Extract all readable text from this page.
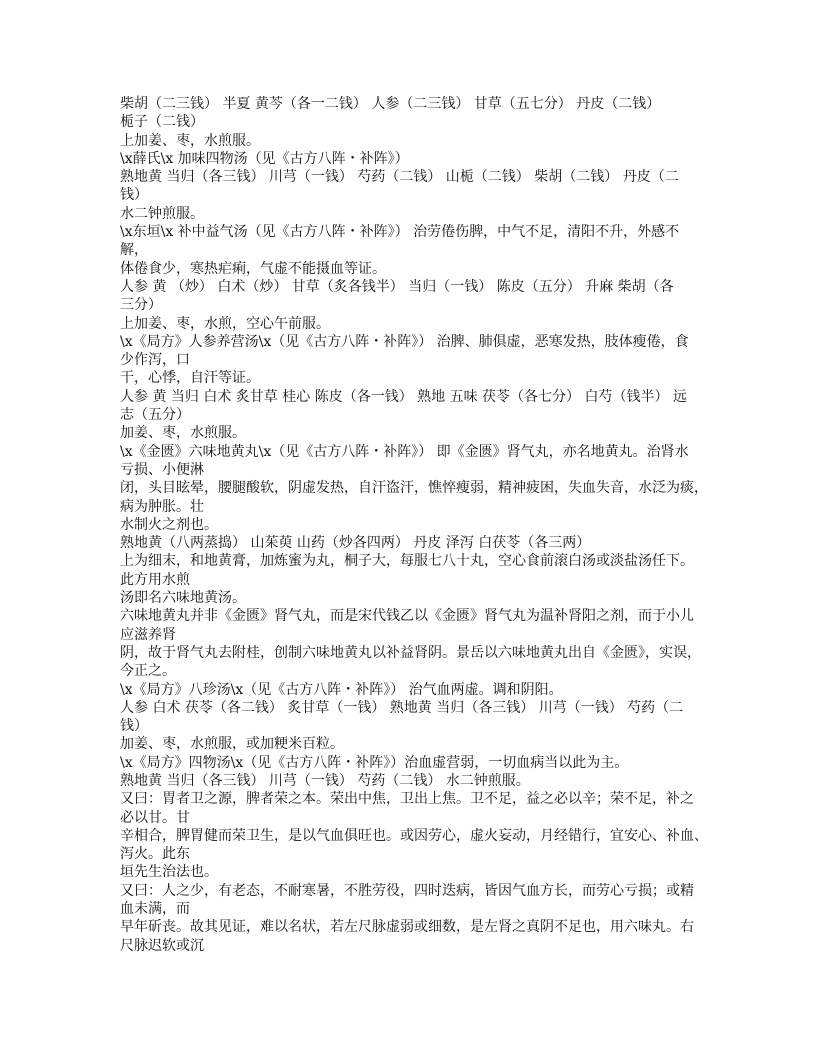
柴胡（二三钱） 半夏 黄芩（各一二钱） 人参（二三钱） 甘草（五七分） 丹皮（二钱）
栀子（二钱）
上加姜、枣，水煎服。
\x薛氏\x 加味四物汤（见《古方八阵・补阵》）
熟地黄 当归（各三钱） 川芎（一钱） 芍药（二钱） 山栀（二钱） 柴胡（二钱） 丹皮（二
钱）
水二钟煎服。
\x东垣\x 补中益气汤（见《古方八阵・补阵》） 治劳倦伤脾，中气不足，清阳不升，外感不
解，
体倦食少，寒热疟痢，气虚不能摄血等证。
人参 黄 （炒） 白术（炒） 甘草（炙各钱半） 当归（一钱） 陈皮（五分） 升麻 柴胡（各
三分）
上加姜、枣，水煎，空心午前服。
\x《局方》人参养营汤\x（见《古方八阵・补阵》） 治脾、肺俱虚，恶寒发热，肢体瘦倦，食
少作泻，口
干，心悸，自汗等证。
人参 黄 当归 白术 炙甘草 桂心 陈皮（各一钱） 熟地 五味 茯苓（各七分） 白芍（钱半） 远
志（五分）
加姜、枣，水煎服。
\x《金匮》六味地黄丸\x（见《古方八阵・补阵》） 即《金匮》肾气丸，亦名地黄丸。治肾水
亏损、小便淋
闭，头目眩晕，腰腿酸软，阴虚发热，自汗盗汗，憔悴瘦弱，精神疲困，失血失音，水泛为痰，
病为肿胀。壮
水制火之剂也。
熟地黄（八两蒸捣） 山茱萸 山药（炒各四两） 丹皮 泽泻 白茯苓（各三两）
上为细末，和地黄膏，加炼蜜为丸，桐子大，每服七八十丸，空心食前滚白汤或淡盐汤任下。
此方用水煎
汤即名六味地黄汤。
六味地黄丸并非《金匮》肾气丸，而是宋代钱乙以《金匮》肾气丸为温补肾阳之剂，而于小儿
应滋养肾
阴，故于肾气丸去附桂，创制六味地黄丸以补益肾阴。景岳以六味地黄丸出自《金匮》，实误，
今正之。
\x《局方》八珍汤\x（见《古方八阵・补阵》） 治气血两虚。调和阴阳。
人参 白术 茯苓（各二钱） 炙甘草（一钱） 熟地黄 当归（各三钱） 川芎（一钱） 芍药（二
钱）
加姜、枣，水煎服，或加粳米百粒。
\x《局方》四物汤\x（见《古方八阵・补阵》）治血虚营弱，一切血病当以此为主。
熟地黄 当归（各三钱） 川芎（一钱） 芍药（二钱） 水二钟煎服。
又曰：胃者卫之源，脾者荣之本。荣出中焦，卫出上焦。卫不足，益之必以辛；荣不足，补之
必以甘。甘
辛相合，脾胃健而荣卫生，是以气血俱旺也。或因劳心，虚火妄动，月经错行，宜安心、补血、
泻火。此东
垣先生治法也。
又曰：人之少，有老态，不耐寒暑，不胜劳役，四时迭病，皆因气血方长，而劳心亏损；或精
血未满，而
早年斫丧。故其见证，难以名状，若左尺脉虚弱或细数，是左肾之真阴不足也，用六味丸。右
尺脉迟软或沉
